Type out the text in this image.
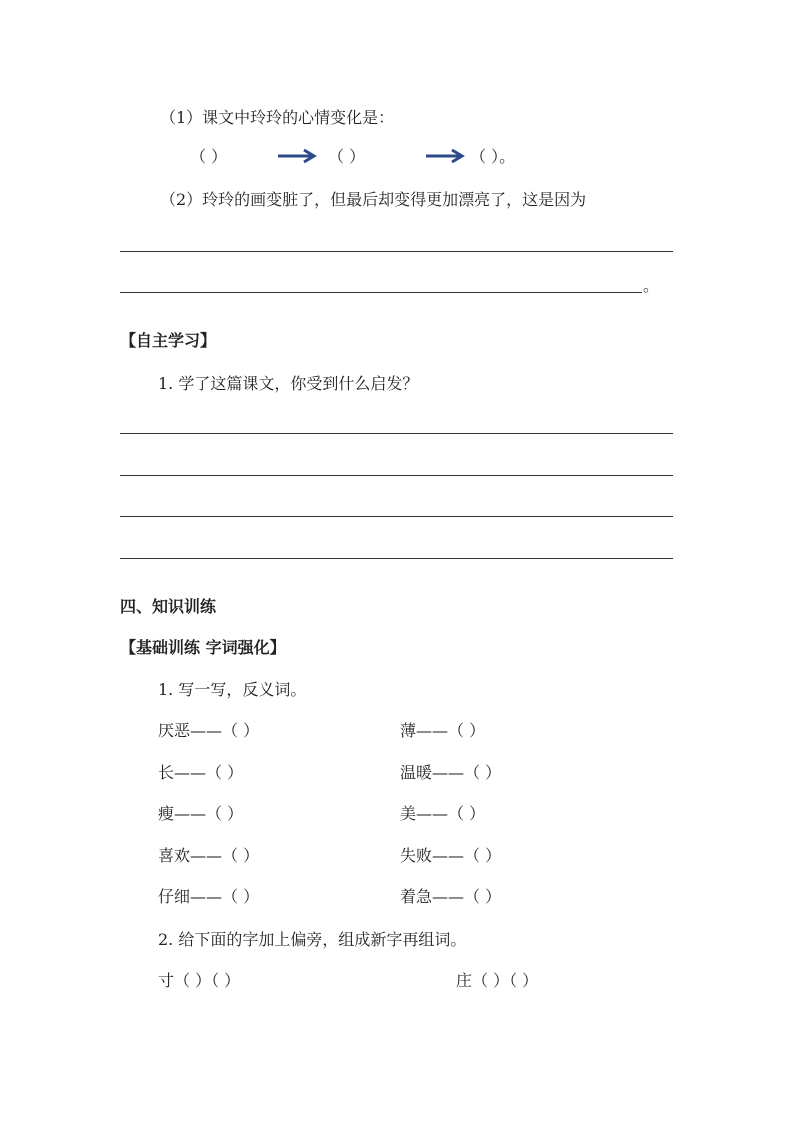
（1）课文中玲玲的心情变化是：
（ ）	（ ）	（ ）。
（2）玲玲的画变脏了，但最后却变得更加漂亮了，这是因为
。
【自主学习】
1. 学了这篇课文，你受到什么启发？
四、知识训练
【基础训练 字词强化】
1. 写一写，反义词。
厌恶——（ ）	薄——（ ）
长——（ ）	温暖——（ ）
瘦——（ ）	美——（ ）
喜欢——（ ）	失败——（ ）
仔细——（ ）	着急——（ ）
2. 给下面的字加上偏旁，组成新字再组词。
寸（ ）（ ）	庄（ ）（ ）
